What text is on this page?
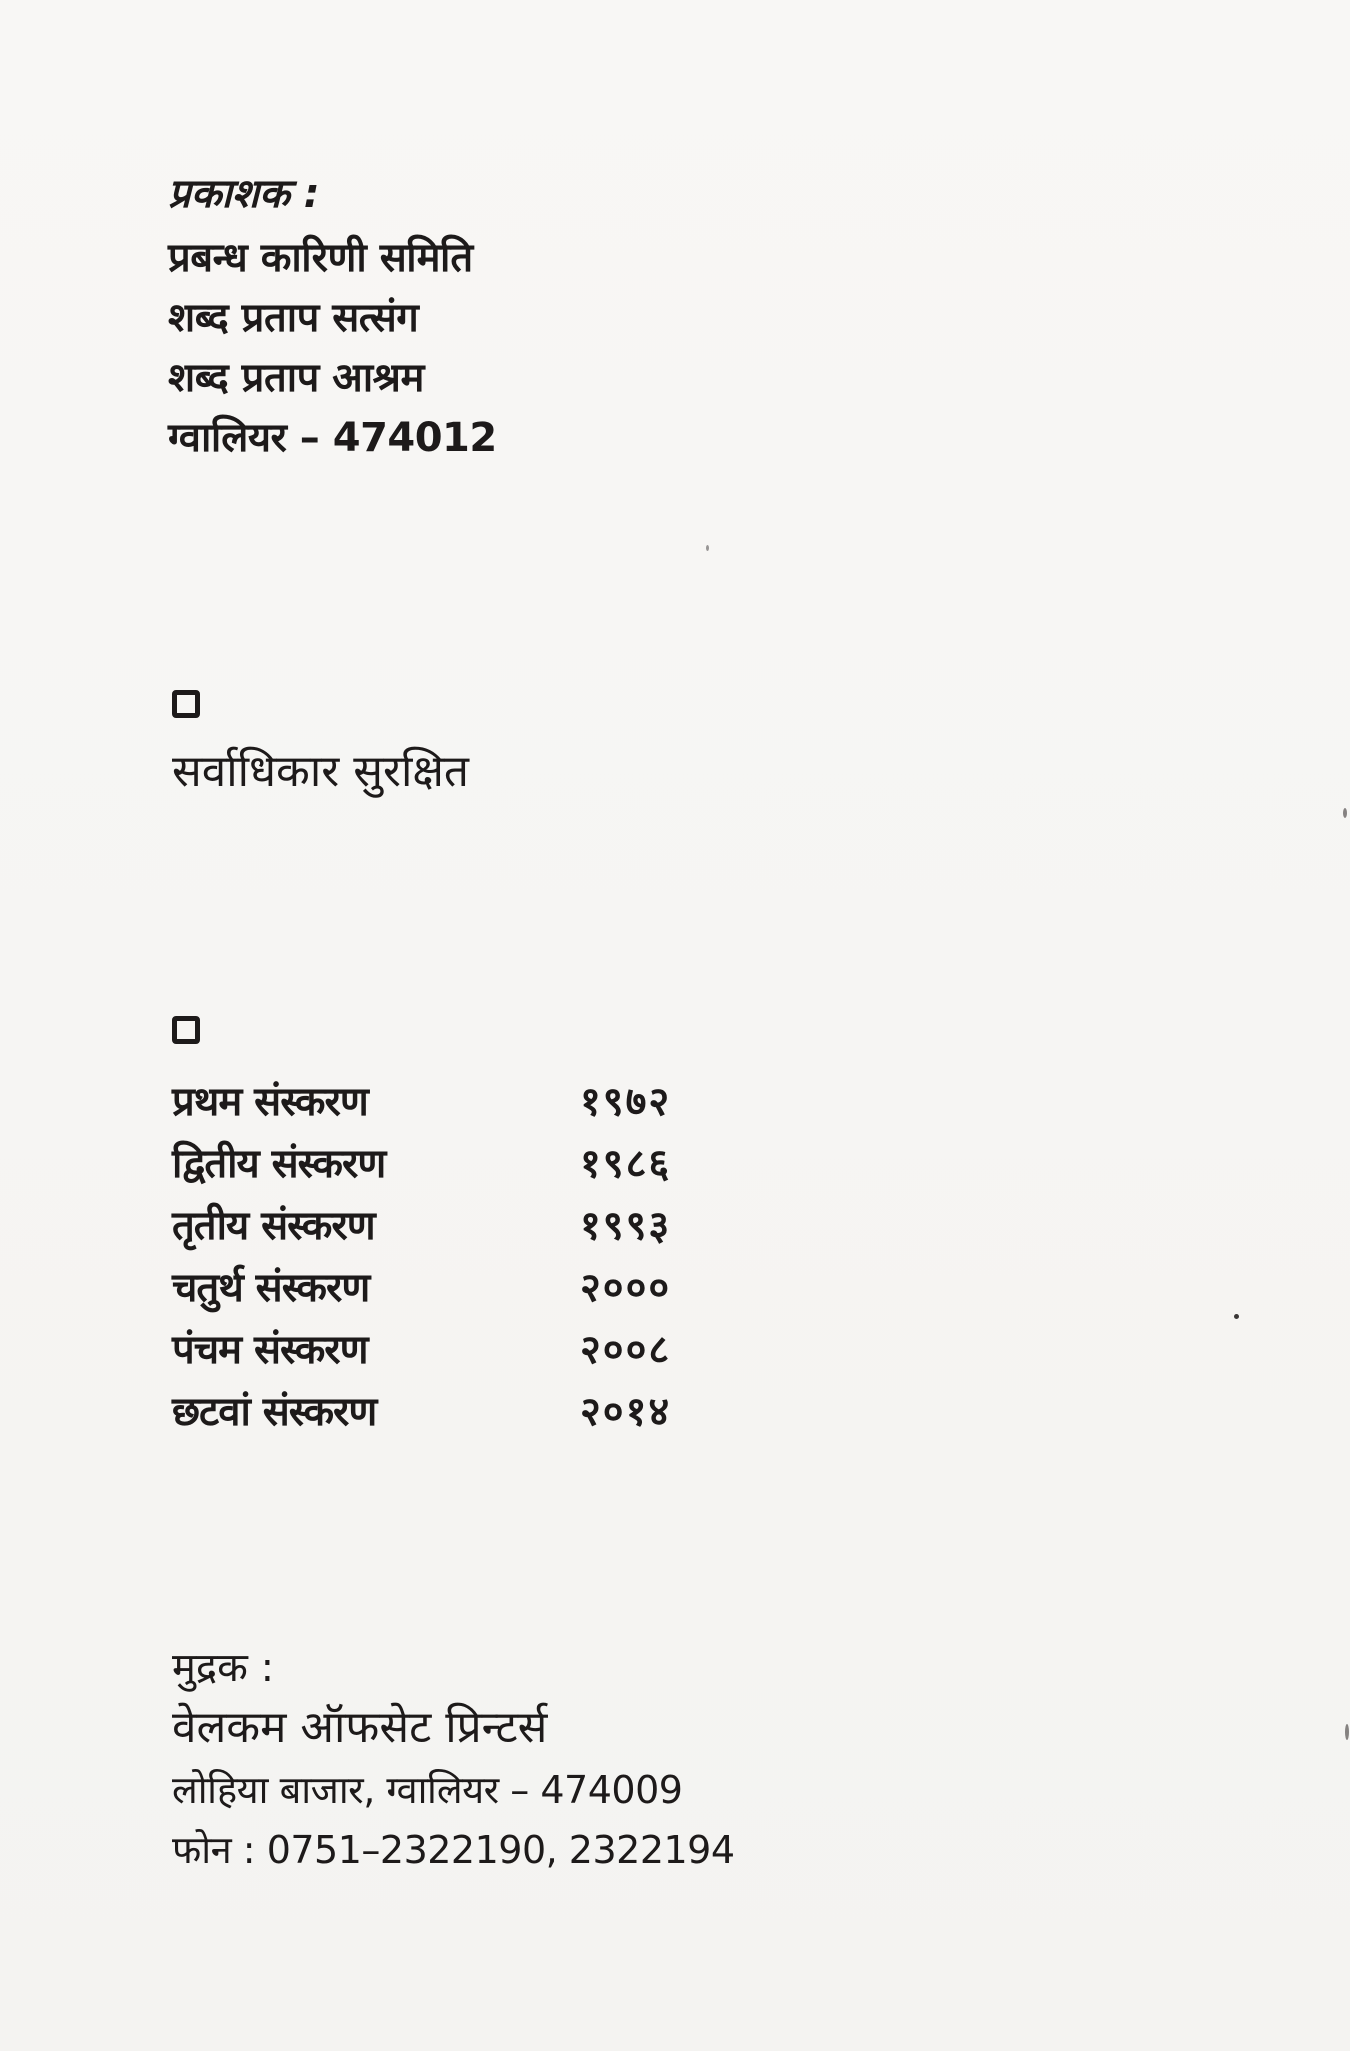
प्रकाशक :
प्रबन्ध कारिणी समिति
शब्द प्रताप सत्संग
शब्द प्रताप आश्रम
ग्वालियर – 474012
सर्वाधिकार सुरक्षित
प्रथम संस्करण	१९७२
द्वितीय संस्करण	१९८६
तृतीय संस्करण	१९९३
चतुर्थ संस्करण	२०००
पंचम संस्करण	२००८
छटवां संस्करण	२०१४
मुद्रक :
वेलकम ऑफसेट प्रिन्टर्स
लोहिया बाजार, ग्वालियर – 474009
फोन : 0751–2322190, 2322194
